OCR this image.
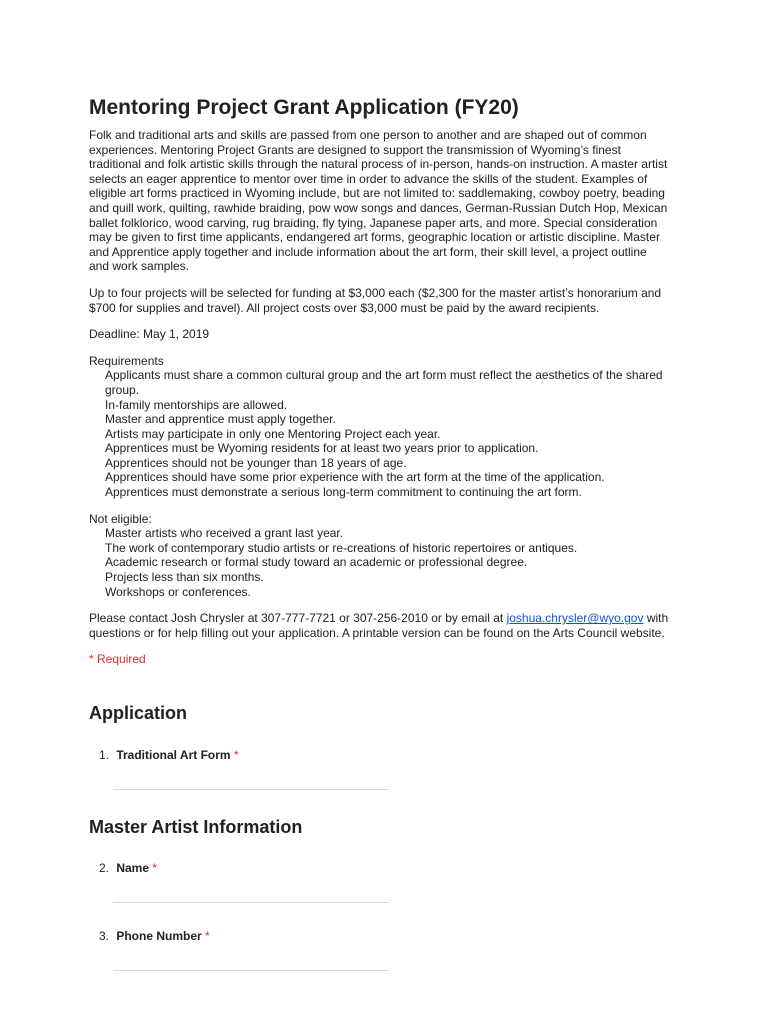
Mentoring Project Grant Application (FY20)

Folk and traditional arts and skills are passed from one person to another and are shaped out of common experiences. Mentoring Project Grants are designed to support the transmission of Wyoming’s finest traditional and folk artistic skills through the natural process of in-person, hands-on instruction. A master artist selects an eager apprentice to mentor over time in order to advance the skills of the student. Examples of eligible art forms practiced in Wyoming include, but are not limited to: saddlemaking, cowboy poetry, beading and quill work, quilting, rawhide braiding, pow wow songs and dances, German-Russian Dutch Hop, Mexican ballet folklorico, wood carving, rug braiding, fly tying, Japanese paper arts, and more. Special consideration may be given to first time applicants, endangered art forms, geographic location or artistic discipline. Master and Apprentice apply together and include information about the art form, their skill level, a project outline and work samples.

Up to four projects will be selected for funding at $3,000 each ($2,300 for the master artist’s honorarium and $700 for supplies and travel). All project costs over $3,000 must be paid by the award recipients.

Deadline: May 1, 2019

Requirements

Applicants must share a common cultural group and the art form must reflect the aesthetics of the shared group.

In-family mentorships are allowed.

Master and apprentice must apply together.

Artists may participate in only one Mentoring Project each year.

Apprentices must be Wyoming residents for at least two years prior to application.

Apprentices should not be younger than 18 years of age.

Apprentices should have some prior experience with the art form at the time of the application.

Apprentices must demonstrate a serious long-term commitment to continuing the art form.

Not eligible:

Master artists who received a grant last year.

The work of contemporary studio artists or re-creations of historic repertoires or antiques.

Academic research or formal study toward an academic or professional degree.

Projects less than six months.

Workshops or conferences.

Please contact Josh Chrysler at 307-777-7721 or 307-256-2010 or by email at joshua.chrysler@wyo.gov with questions or for help filling out your application. A printable version can be found on the Arts Council website.

* Required
Application
1. Traditional Art Form *
Master Artist Information
2. Name *
3. Phone Number *
